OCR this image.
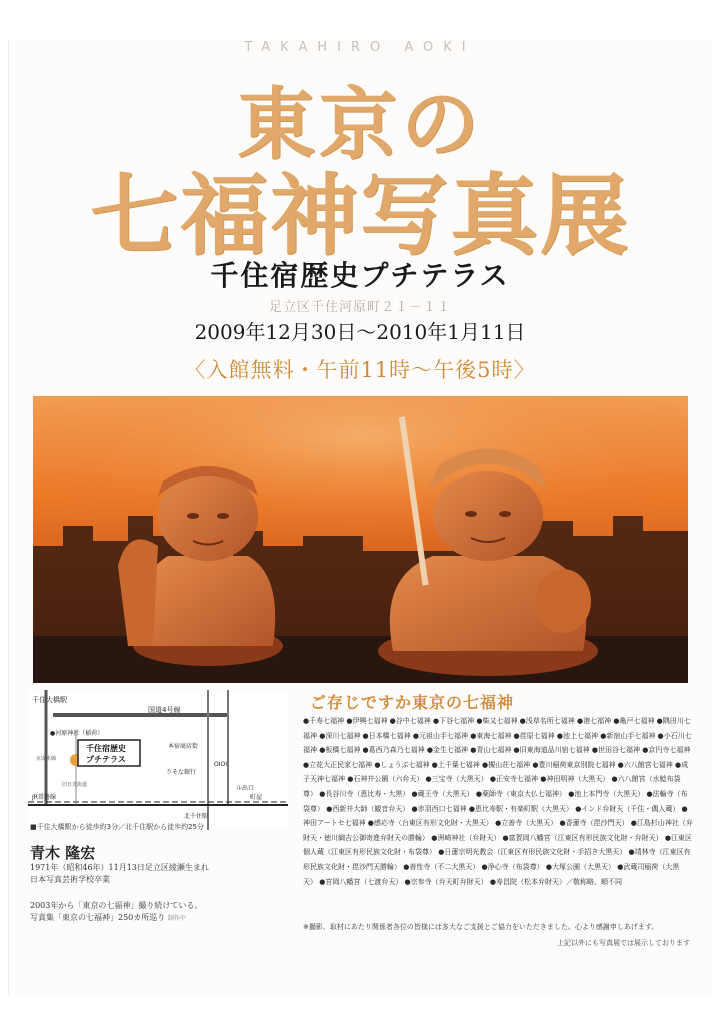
TAKAHIRO AOKI
東京の
七福神写真展
千住宿歴史プチテラス
足立区千住河原町２１－１１
2009年12月30日～2010年1月11日
〈入館無料・午前11時～午後5時〉
千住大橋駅
国道4号線
●河原神社（稲荷）
千住宿歴史
プチテラス
本宿商店街
りそな銀行
OIOI
京成本線
旧日光街道
北千住駅
JR常磐線	町屋
ル出口
■千住大橋駅から徒歩約3分／北千住駅から徒歩約25分
青木 隆宏
1971年（昭和46年）11月13日足立区綾瀬生まれ
日本写真芸術学校卒業
2003年から「東京の七福神」撮り続けている。
写真集「東京の七福神」250カ所巡り 制作中
ご存じですか東京の七福神
●千寿七福神 ●伊興七福神 ●谷中七福神 ●下谷七福神 ●柴又七福神 ●浅草名所七福神 ●港七福神 ●亀戸七福神 ●隅田川七福神 ●深川七福神 ●日本橋七福神 ●元祖山手七福神 ●東海七福神 ●荏原七福神 ●池上七福神 ●新宿山手七福神 ●小石川七福神 ●板橋七福神 ●葛西乃森乃七福神 ●金生七福神 ●青山七福神 ●旧東海道品川宿七福神 ●世田谷七福神 ●京円寺七福神 ●立花大正民家七福神 ●しょうぶ七福神 ●上千葉七福神 ●槻山荘七福神 ●豊川稲荷東京別院七福神 ●六八館宮七福神 ●成子天神七福神 ●石神井公園（六弁天） ●三宝寺（大黒天） ●正安寺七福神 ●神田明神（大黒天） ●六八館宮（水鯰布袋尊） ●長谷川寺（恵比寿・大黒） ●蔵王寺（大黒天） ●薬師寺（東京大仏七福神） ●池上本門寺（大黒天） ●法輪寺（布袋尊） ●西新井大師（観音弁天） ●赤羽西口七福神 ●恵比寿駅・有楽町駅（大黒天） ●インド弁財天（千住・偶人蔵） ●神田アートセ七福神 ●感応寺（台東区有形文化財・大黒天） ●立善寺（大黒天） ●香蓮寺（毘沙門天） ●江島杉山神社（弁財天・徳川綱吉公御寄進弁財天の勝輪） ●洲崎神社（弁財天） ●富賀岡八幡宮（江東区有形民族文化財・弁財天） ●江東区個人蔵（江東区有形民族文化財・布袋尊） ●日蓮宗明光教会（江東区有形民族文化財・手招き大黒天） ●靖林寺（江東区有形民族文化財・毘沙門天勝輪） ●善性寺（不二大黒天） ●浄心寺（布袋尊） ●大塚公園（大黒天） ●武蔵司稲荷（大黒天） ●宮岡八幡宮（七渡弁天） ●宗参寺（弁天町弁財天） ●寿昌院（松本弁財天）／敬称略、順不同
※撮影、取材にあたり関係者各位の皆様には多大なご支援とご協力をいただきました。心より感謝申しあげます。
上記以外にも写真展では展示しております
